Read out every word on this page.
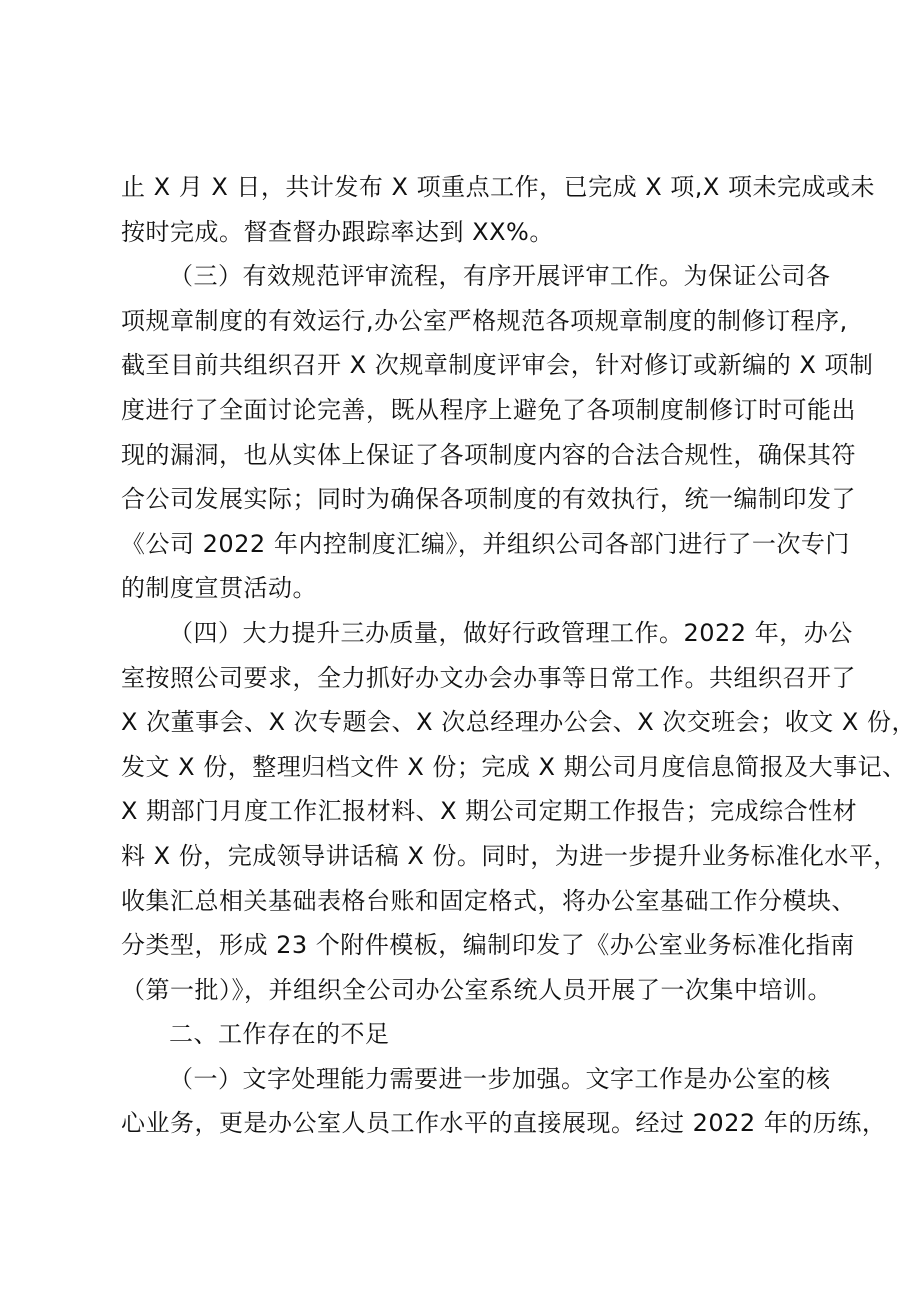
止 X 月 X 日，共计发布 X 项重点工作，已完成 X 项,X 项未完成或未
按时完成。督查督办跟踪率达到 XX%。
（三）有效规范评审流程，有序开展评审工作。为保证公司各
项规章制度的有效运行,办公室严格规范各项规章制度的制修订程序,
截至目前共组织召开 X 次规章制度评审会，针对修订或新编的 X 项制
度进行了全面讨论完善，既从程序上避免了各项制度制修订时可能出
现的漏洞，也从实体上保证了各项制度内容的合法合规性，确保其符
合公司发展实际；同时为确保各项制度的有效执行，统一编制印发了
《公司 2022 年内控制度汇编》，并组织公司各部门进行了一次专门
的制度宣贯活动。
（四）大力提升三办质量，做好行政管理工作。2022 年，办公
室按照公司要求，全力抓好办文办会办事等日常工作。共组织召开了
X 次董事会、X 次专题会、X 次总经理办公会、X 次交班会；收文 X 份，
发文 X 份，整理归档文件 X 份；完成 X 期公司月度信息简报及大事记、
X 期部门月度工作汇报材料、X 期公司定期工作报告；完成综合性材
料 X 份，完成领导讲话稿 X 份。同时，为进一步提升业务标准化水平，
收集汇总相关基础表格台账和固定格式，将办公室基础工作分模块、
分类型，形成 23 个附件模板，编制印发了《办公室业务标准化指南
（第一批）》，并组织全公司办公室系统人员开展了一次集中培训。
二、工作存在的不足
（一）文字处理能力需要进一步加强。文字工作是办公室的核
心业务，更是办公室人员工作水平的直接展现。经过 2022 年的历练，
